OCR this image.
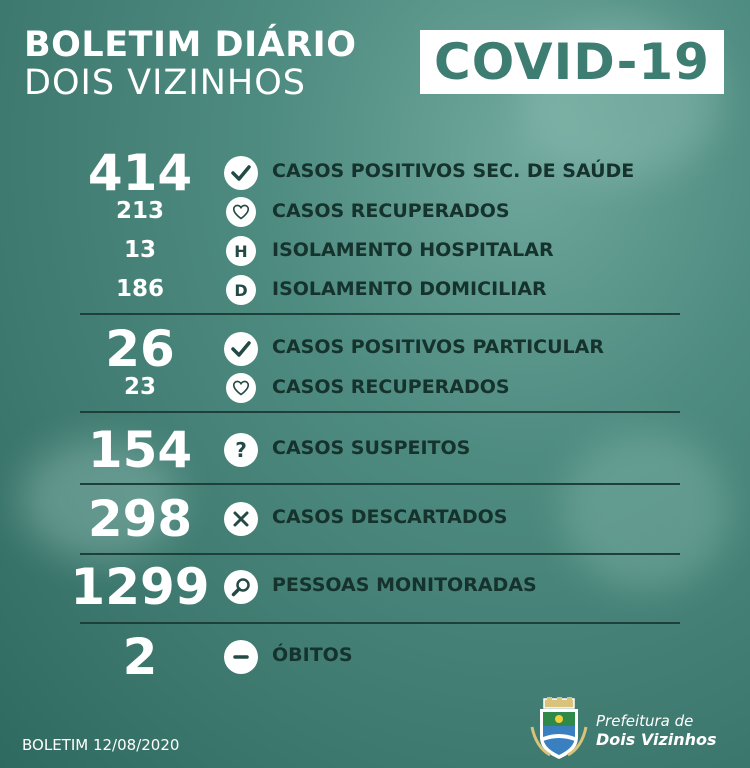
BOLETIM DIÁRIO
DOIS VIZINHOS	COVID-19
414	CASOS POSITIVOS SEC. DE SAÚDE
213	CASOS RECUPERADOS
13	H ISOLAMENTO HOSPITALAR
186	D ISOLAMENTO DOMICILIAR
26	CASOS POSITIVOS PARTICULAR
23	CASOS RECUPERADOS
154	? CASOS SUSPEITOS
298	CASOS DESCARTADOS
1299	PESSOAS MONITORADAS
2	ÓBITOS
BOLETIM 12/08/2020
Prefeitura de
Dois Vizinhos
